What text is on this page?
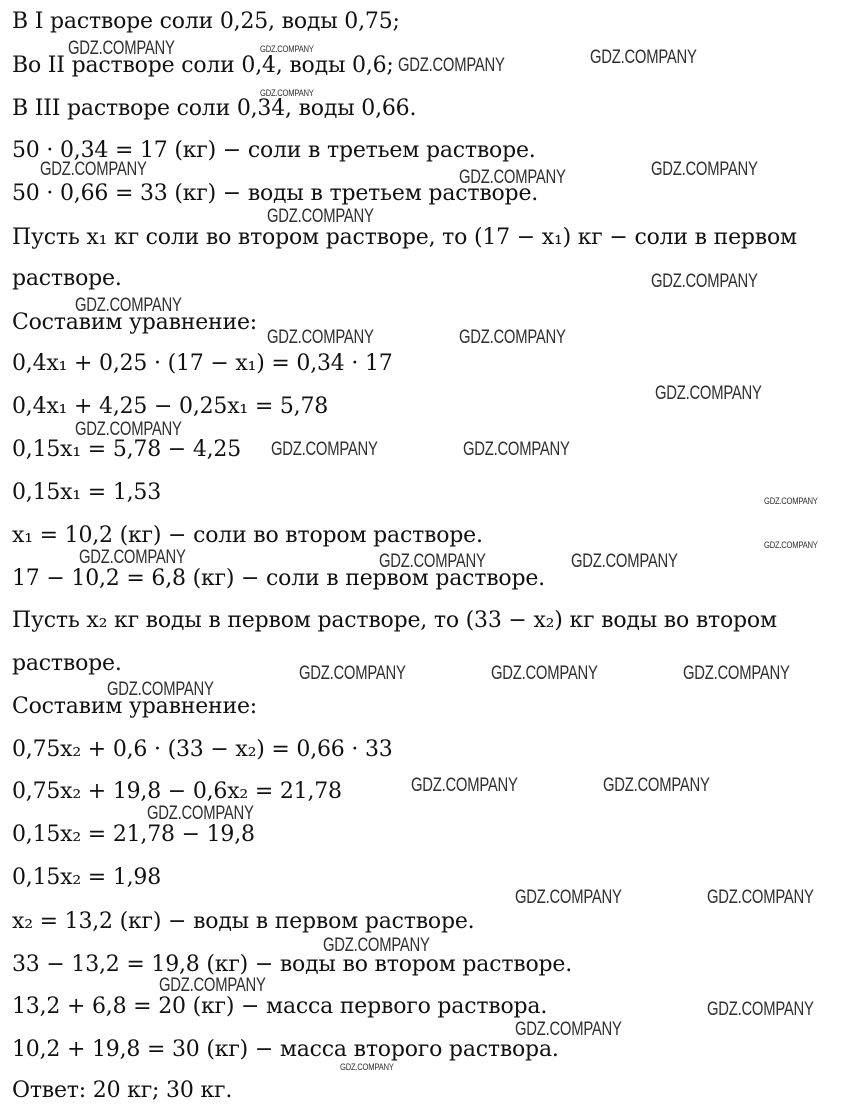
В I растворе соли 0,25, воды 0,75;
Во II растворе соли 0,4, воды 0,6;
В III растворе соли 0,34, воды 0,66.
50 · 0,34 = 17 (кг) − соли в третьем растворе.
50 · 0,66 = 33 (кг) − воды в третьем растворе.
Пусть x₁ кг соли во втором растворе, то (17 − x₁) кг − соли в первом
растворе.
Составим уравнение:
0,4x₁ + 0,25 · (17 − x₁) = 0,34 · 17
0,4x₁ + 4,25 − 0,25x₁ = 5,78
0,15x₁ = 5,78 − 4,25
0,15x₁ = 1,53
x₁ = 10,2 (кг) − соли во втором растворе.
17 − 10,2 = 6,8 (кг) − соли в первом растворе.
Пусть x₂ кг воды в первом растворе, то (33 − x₂) кг воды во втором
растворе.
Составим уравнение:
0,75x₂ + 0,6 · (33 − x₂) = 0,66 · 33
0,75x₂ + 19,8 − 0,6x₂ = 21,78
0,15x₂ = 21,78 − 19,8
0,15x₂ = 1,98
x₂ = 13,2 (кг) − воды в первом растворе.
33 − 13,2 = 19,8 (кг) − воды во втором растворе.
13,2 + 6,8 = 20 (кг) − масса первого раствора.
10,2 + 19,8 = 30 (кг) − масса второго раствора.
Ответ: 20 кг; 30 кг.
GDZ.COMPANY
GDZ.COMPANY	GDZ.COMPANY
GDZ.COMPANY	GDZ.COMPANY	GDZ.COMPANY
GDZ.COMPANY
GDZ.COMPANY
GDZ.COMPANY
GDZ.COMPANY	GDZ.COMPANY
GDZ.COMPANY
GDZ.COMPANY
GDZ.COMPANY	GDZ.COMPANY
GDZ.COMPANY	GDZ.COMPANY	GDZ.COMPANY
GDZ.COMPANY	GDZ.COMPANY	GDZ.COMPANY
GDZ.COMPANY
GDZ.COMPANY	GDZ.COMPANY
GDZ.COMPANY
GDZ.COMPANY	GDZ.COMPANY
GDZ.COMPANY
GDZ.COMPANY
GDZ.COMPANY
GDZ.COMPANY
GDZ.COMPANY
GDZ.COMPANY
GDZ.COMPANY
GDZ.COMPANY
GDZ.COMPANY
